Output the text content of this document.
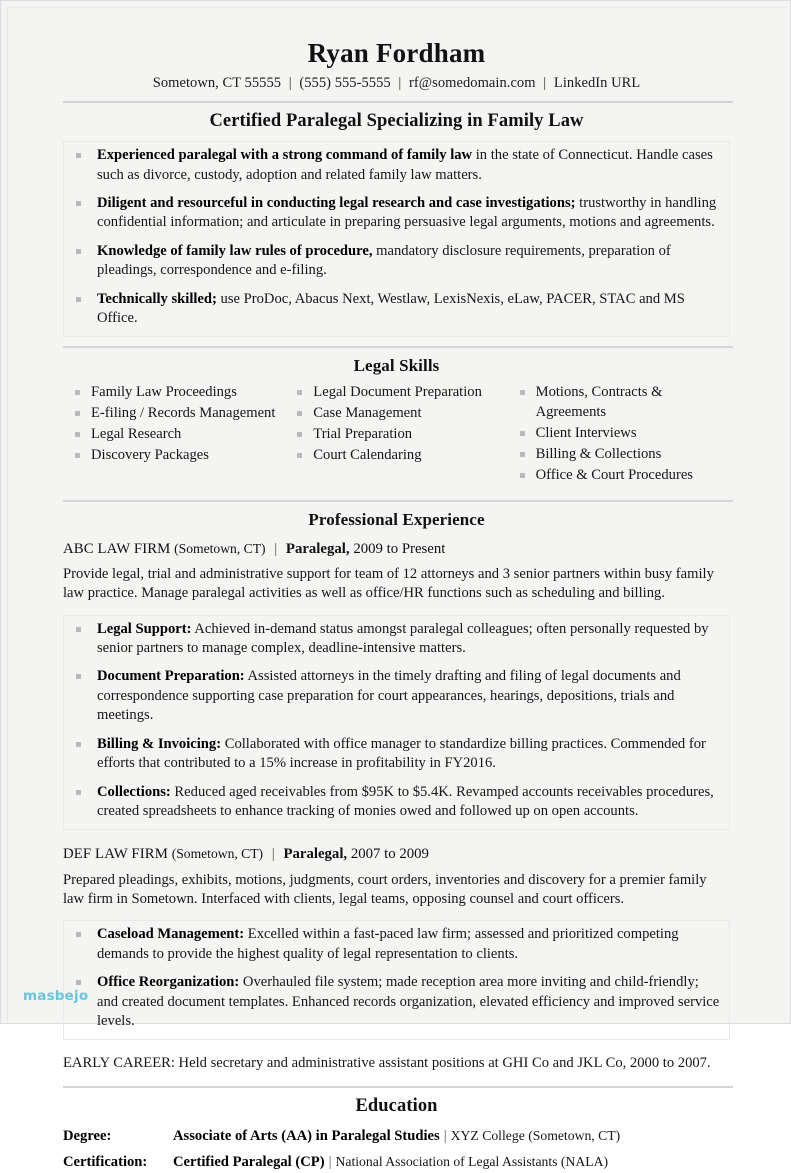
Ryan Fordham
Sometown, CT 55555 | (555) 555-5555 | rf@somedomain.com | LinkedIn URL
Certified Paralegal Specializing in Family Law
Experienced paralegal with a strong command of family law in the state of Connecticut. Handle cases such as divorce, custody, adoption and related family law matters.
Diligent and resourceful in conducting legal research and case investigations; trustworthy in handling confidential information; and articulate in preparing persuasive legal arguments, motions and agreements.
Knowledge of family law rules of procedure, mandatory disclosure requirements, preparation of pleadings, correspondence and e-filing.
Technically skilled; use ProDoc, Abacus Next, Westlaw, LexisNexis, eLaw, PACER, STAC and MS Office.
Legal Skills
Family Law Proceedings
E-filing / Records Management
Legal Research
Discovery Packages
Legal Document Preparation
Case Management
Trial Preparation
Court Calendaring
Motions, Contracts & Agreements
Client Interviews
Billing & Collections
Office & Court Procedures
Professional Experience
ABC LAW FIRM (Sometown, CT) | Paralegal, 2009 to Present
Provide legal, trial and administrative support for team of 12 attorneys and 3 senior partners within busy family law practice. Manage paralegal activities as well as office/HR functions such as scheduling and billing.
Legal Support: Achieved in-demand status amongst paralegal colleagues; often personally requested by senior partners to manage complex, deadline-intensive matters.
Document Preparation: Assisted attorneys in the timely drafting and filing of legal documents and correspondence supporting case preparation for court appearances, hearings, depositions, trials and meetings.
Billing & Invoicing: Collaborated with office manager to standardize billing practices. Commended for efforts that contributed to a 15% increase in profitability in FY2016.
Collections: Reduced aged receivables from $95K to $5.4K. Revamped accounts receivables procedures, created spreadsheets to enhance tracking of monies owed and followed up on open accounts.
DEF LAW FIRM (Sometown, CT) | Paralegal, 2007 to 2009
Prepared pleadings, exhibits, motions, judgments, court orders, inventories and discovery for a premier family law firm in Sometown. Interfaced with clients, legal teams, opposing counsel and court officers.
Caseload Management: Excelled within a fast-paced law firm; assessed and prioritized competing demands to provide the highest quality of legal representation to clients.
Office Reorganization: Overhauled file system; made reception area more inviting and child-friendly; and created document templates. Enhanced records organization, elevated efficiency and improved service levels.
EARLY CAREER: Held secretary and administrative assistant positions at GHI Co and JKL Co, 2000 to 2007.
Education
Degree:	Associate of Arts (AA) in Paralegal Studies | XYZ College (Sometown, CT)
Certification:	Certified Paralegal (CP) | National Association of Legal Assistants (NALA)
masbejo
